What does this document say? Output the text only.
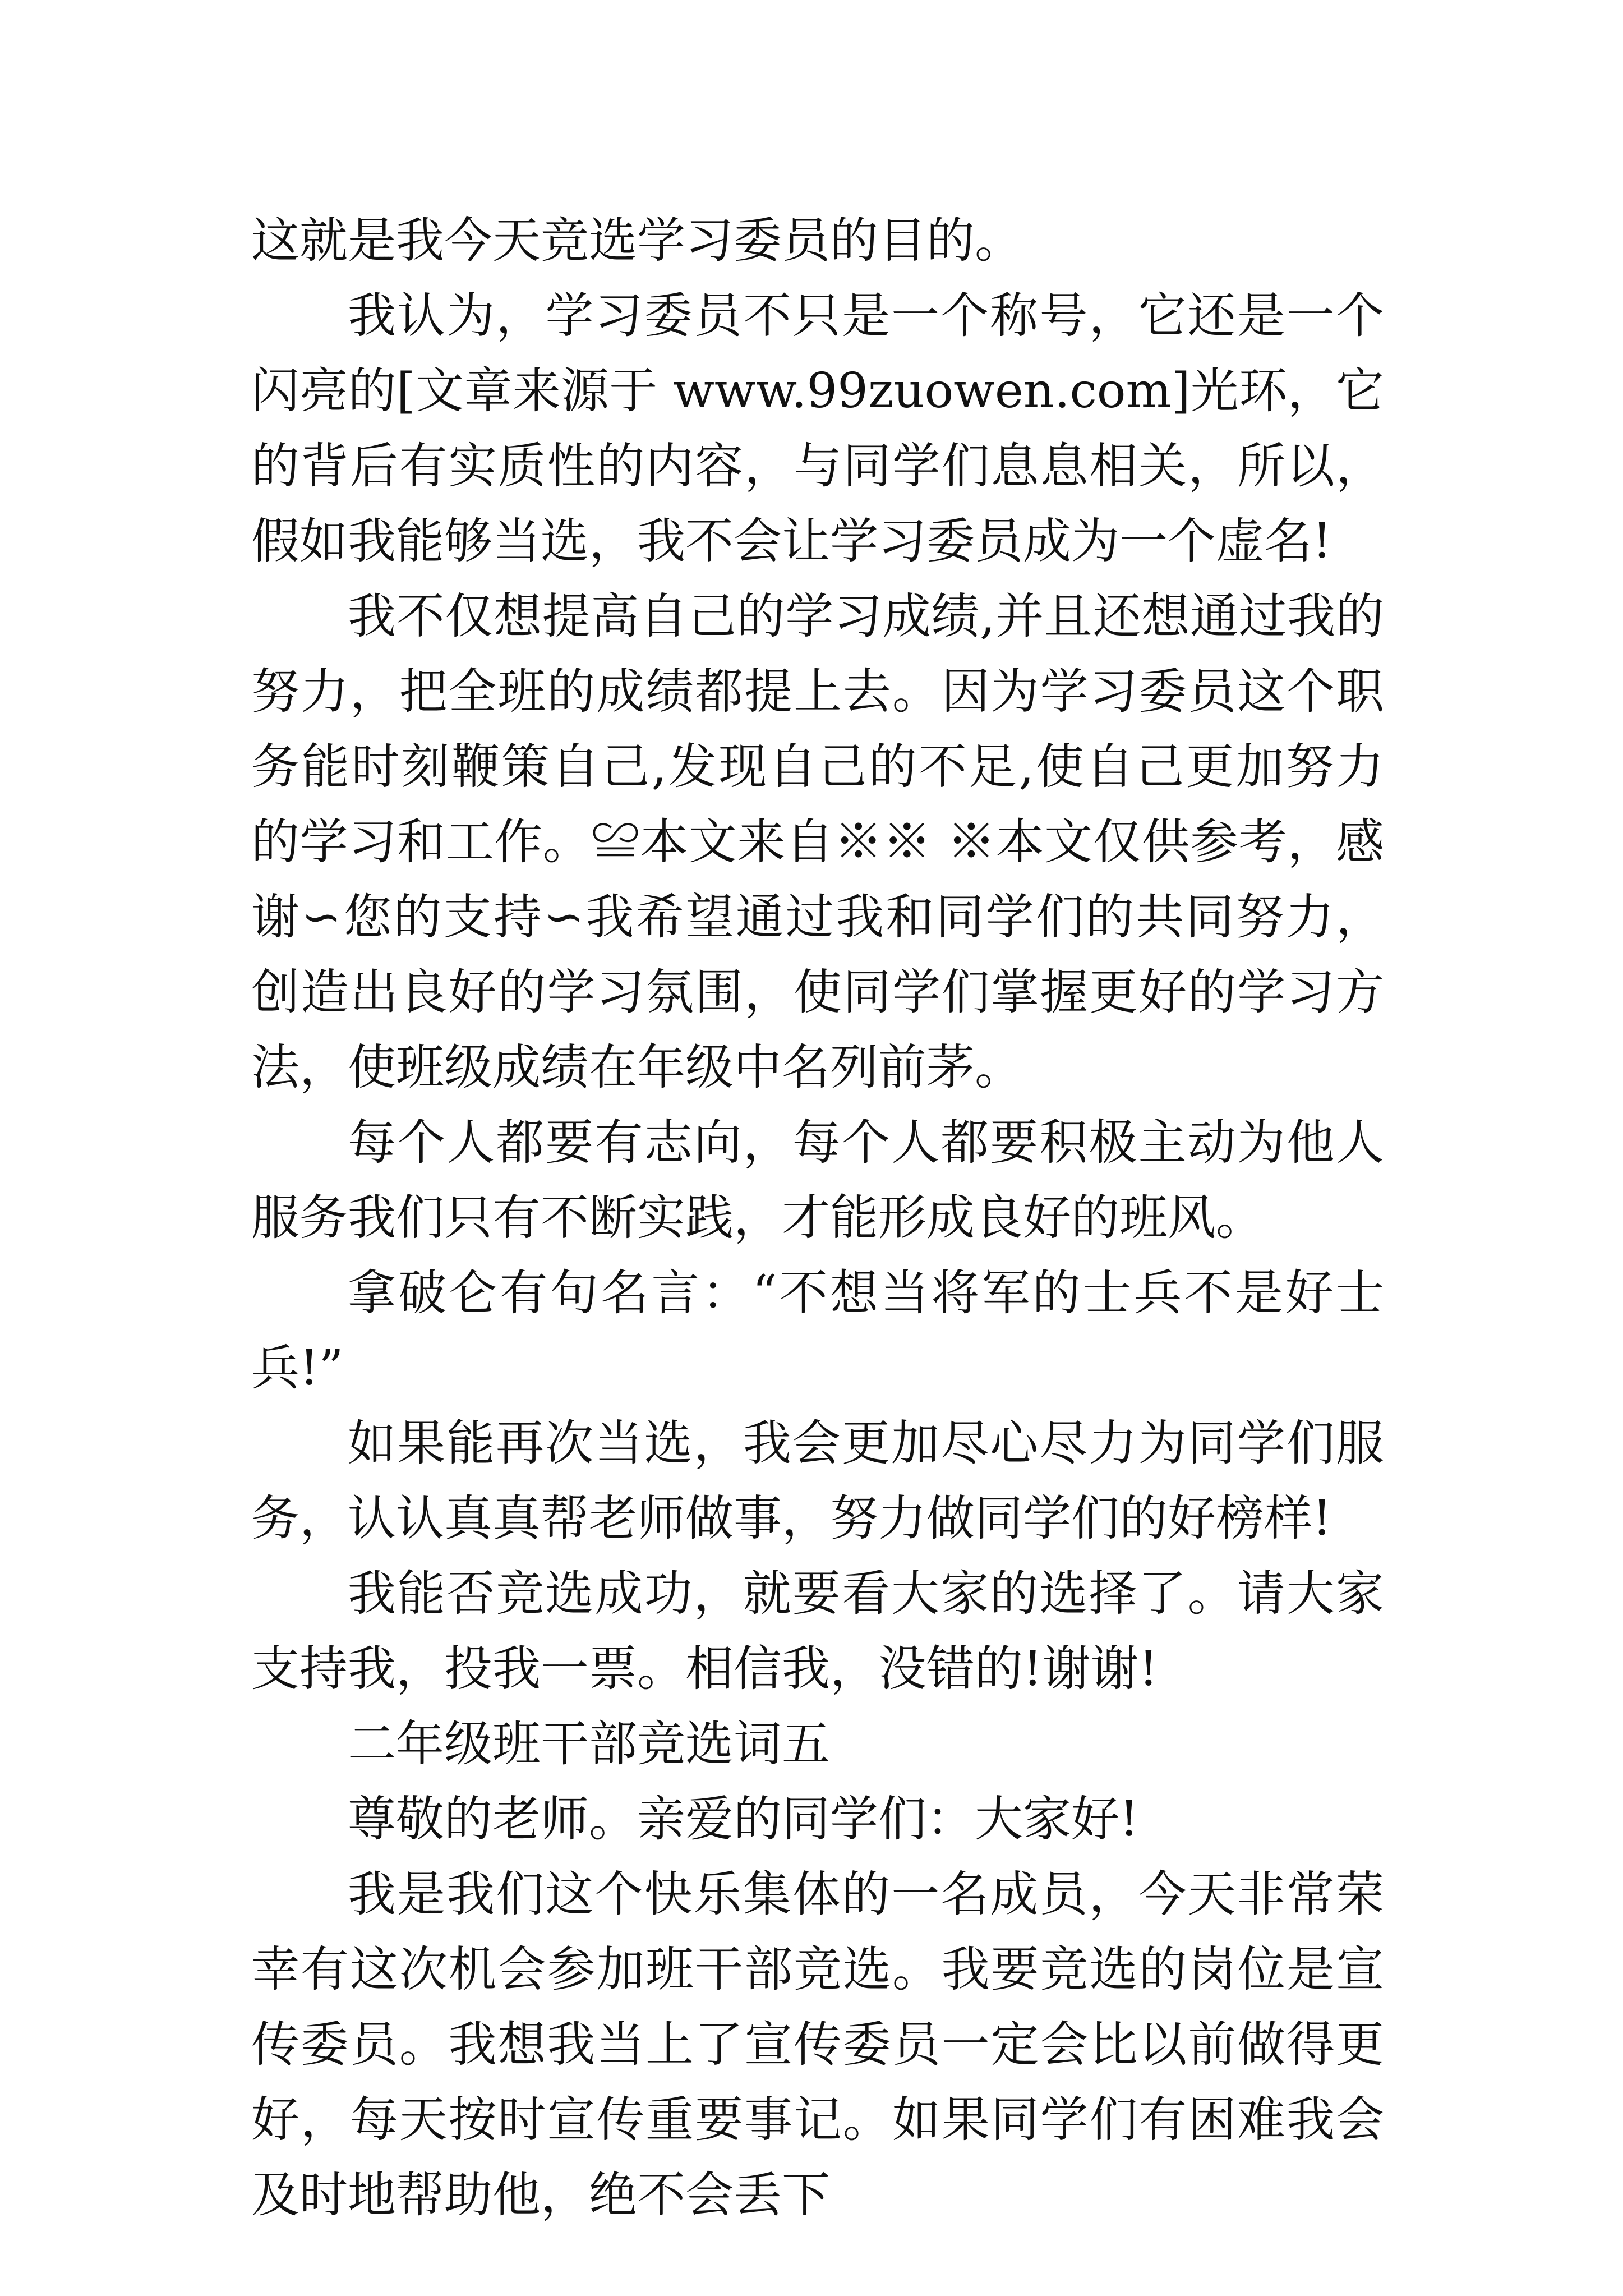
这就是我今天竞选学习委员的目的。

我认为，学习委员不只是一个称号，它还是一个闪亮的[文章来源于 www.99zuowen.com]光环，它的背后有实质性的内容，与同学们息息相关，所以，假如我能够当选，我不会让学习委员成为一个虚名!

我不仅想提高自己的学习成绩,并且还想通过我的努力，把全班的成绩都提上去。因为学习委员这个职务能时刻鞭策自己,发现自己的不足,使自己更加努力的学习和工作。≌本文来自※※ ※本文仅供参考，感谢∽您的支持∽我希望通过我和同学们的共同努力，创造出良好的学习氛围，使同学们掌握更好的学习方法，使班级成绩在年级中名列前茅。

每个人都要有志向，每个人都要积极主动为他人服务我们只有不断实践，才能形成良好的班风。

拿破仑有句名言：“不想当将军的士兵不是好士兵!”

如果能再次当选，我会更加尽心尽力为同学们服务，认认真真帮老师做事，努力做同学们的好榜样!

我能否竞选成功，就要看大家的选择了。请大家支持我，投我一票。相信我，没错的!谢谢!

二年级班干部竞选词五

尊敬的老师。亲爱的同学们：大家好!

我是我们这个快乐集体的一名成员，今天非常荣幸有这次机会参加班干部竞选。我要竞选的岗位是宣传委员。我想我当上了宣传委员一定会比以前做得更好，每天按时宣传重要事记。如果同学们有困难我会及时地帮助他，绝不会丢下
